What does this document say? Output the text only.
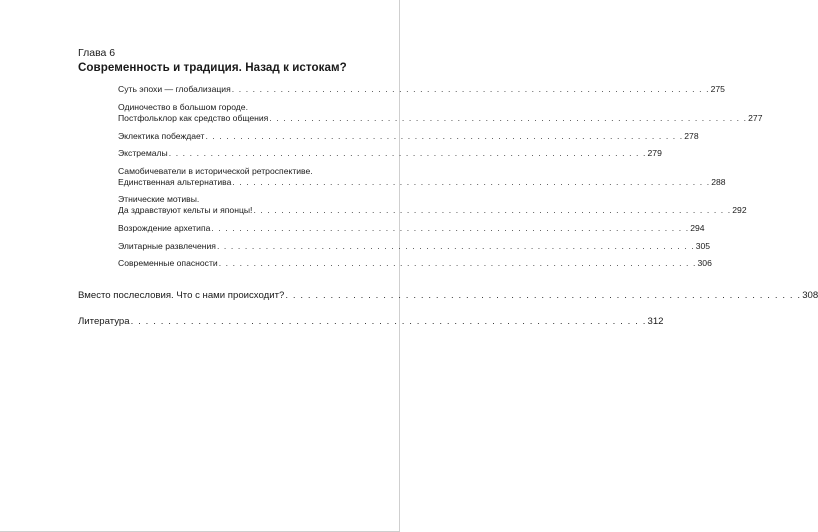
Глава 6
Современность и традиция. Назад к истокам?
Суть эпохи — глобализация . . . . . . . . . . . . . . . . . . . . . . . . . . . . . . . . . . . . . . . . . . . . . . . . . . . . . . . . . . . . . . . . . . . . . 275
Одиночество в большом городе.
Постфольклор как средство общения . . . . . . . . . . . . . . . . . . . . . . . . . . . . . . . . . . . . . . . . . . . . . . . . . . . . . . . . . . . . . . . . . . . . . 277
Эклектика побеждает . . . . . . . . . . . . . . . . . . . . . . . . . . . . . . . . . . . . . . . . . . . . . . . . . . . . . . . . . . . . . . . . . . . . . 278
Экстремалы . . . . . . . . . . . . . . . . . . . . . . . . . . . . . . . . . . . . . . . . . . . . . . . . . . . . . . . . . . . . . . . . . . . . . 279
Самобичеватели в исторической ретроспективе.
Единственная альтернатива . . . . . . . . . . . . . . . . . . . . . . . . . . . . . . . . . . . . . . . . . . . . . . . . . . . . . . . . . . . . . . . . . . . . . 288
Этнические мотивы.
Да здравствуют кельты и японцы! . . . . . . . . . . . . . . . . . . . . . . . . . . . . . . . . . . . . . . . . . . . . . . . . . . . . . . . . . . . . . . . . . . . . . 292
Возрождение архетипа . . . . . . . . . . . . . . . . . . . . . . . . . . . . . . . . . . . . . . . . . . . . . . . . . . . . . . . . . . . . . . . . . . . . . 294
Элитарные развлечения . . . . . . . . . . . . . . . . . . . . . . . . . . . . . . . . . . . . . . . . . . . . . . . . . . . . . . . . . . . . . . . . . . . . . 305
Современные опасности . . . . . . . . . . . . . . . . . . . . . . . . . . . . . . . . . . . . . . . . . . . . . . . . . . . . . . . . . . . . . . . . . . . . . 306
Вместо послесловия. Что с нами происходит? . . . . . . . . . . . . . . . . . . . . . . . . . . . . . . . . . . . . . . . . . . . . . . . . . . . . . . . . . . . . . . . . . . . . . 308
Литература . . . . . . . . . . . . . . . . . . . . . . . . . . . . . . . . . . . . . . . . . . . . . . . . . . . . . . . . . . . . . . . . . . . . . 312
